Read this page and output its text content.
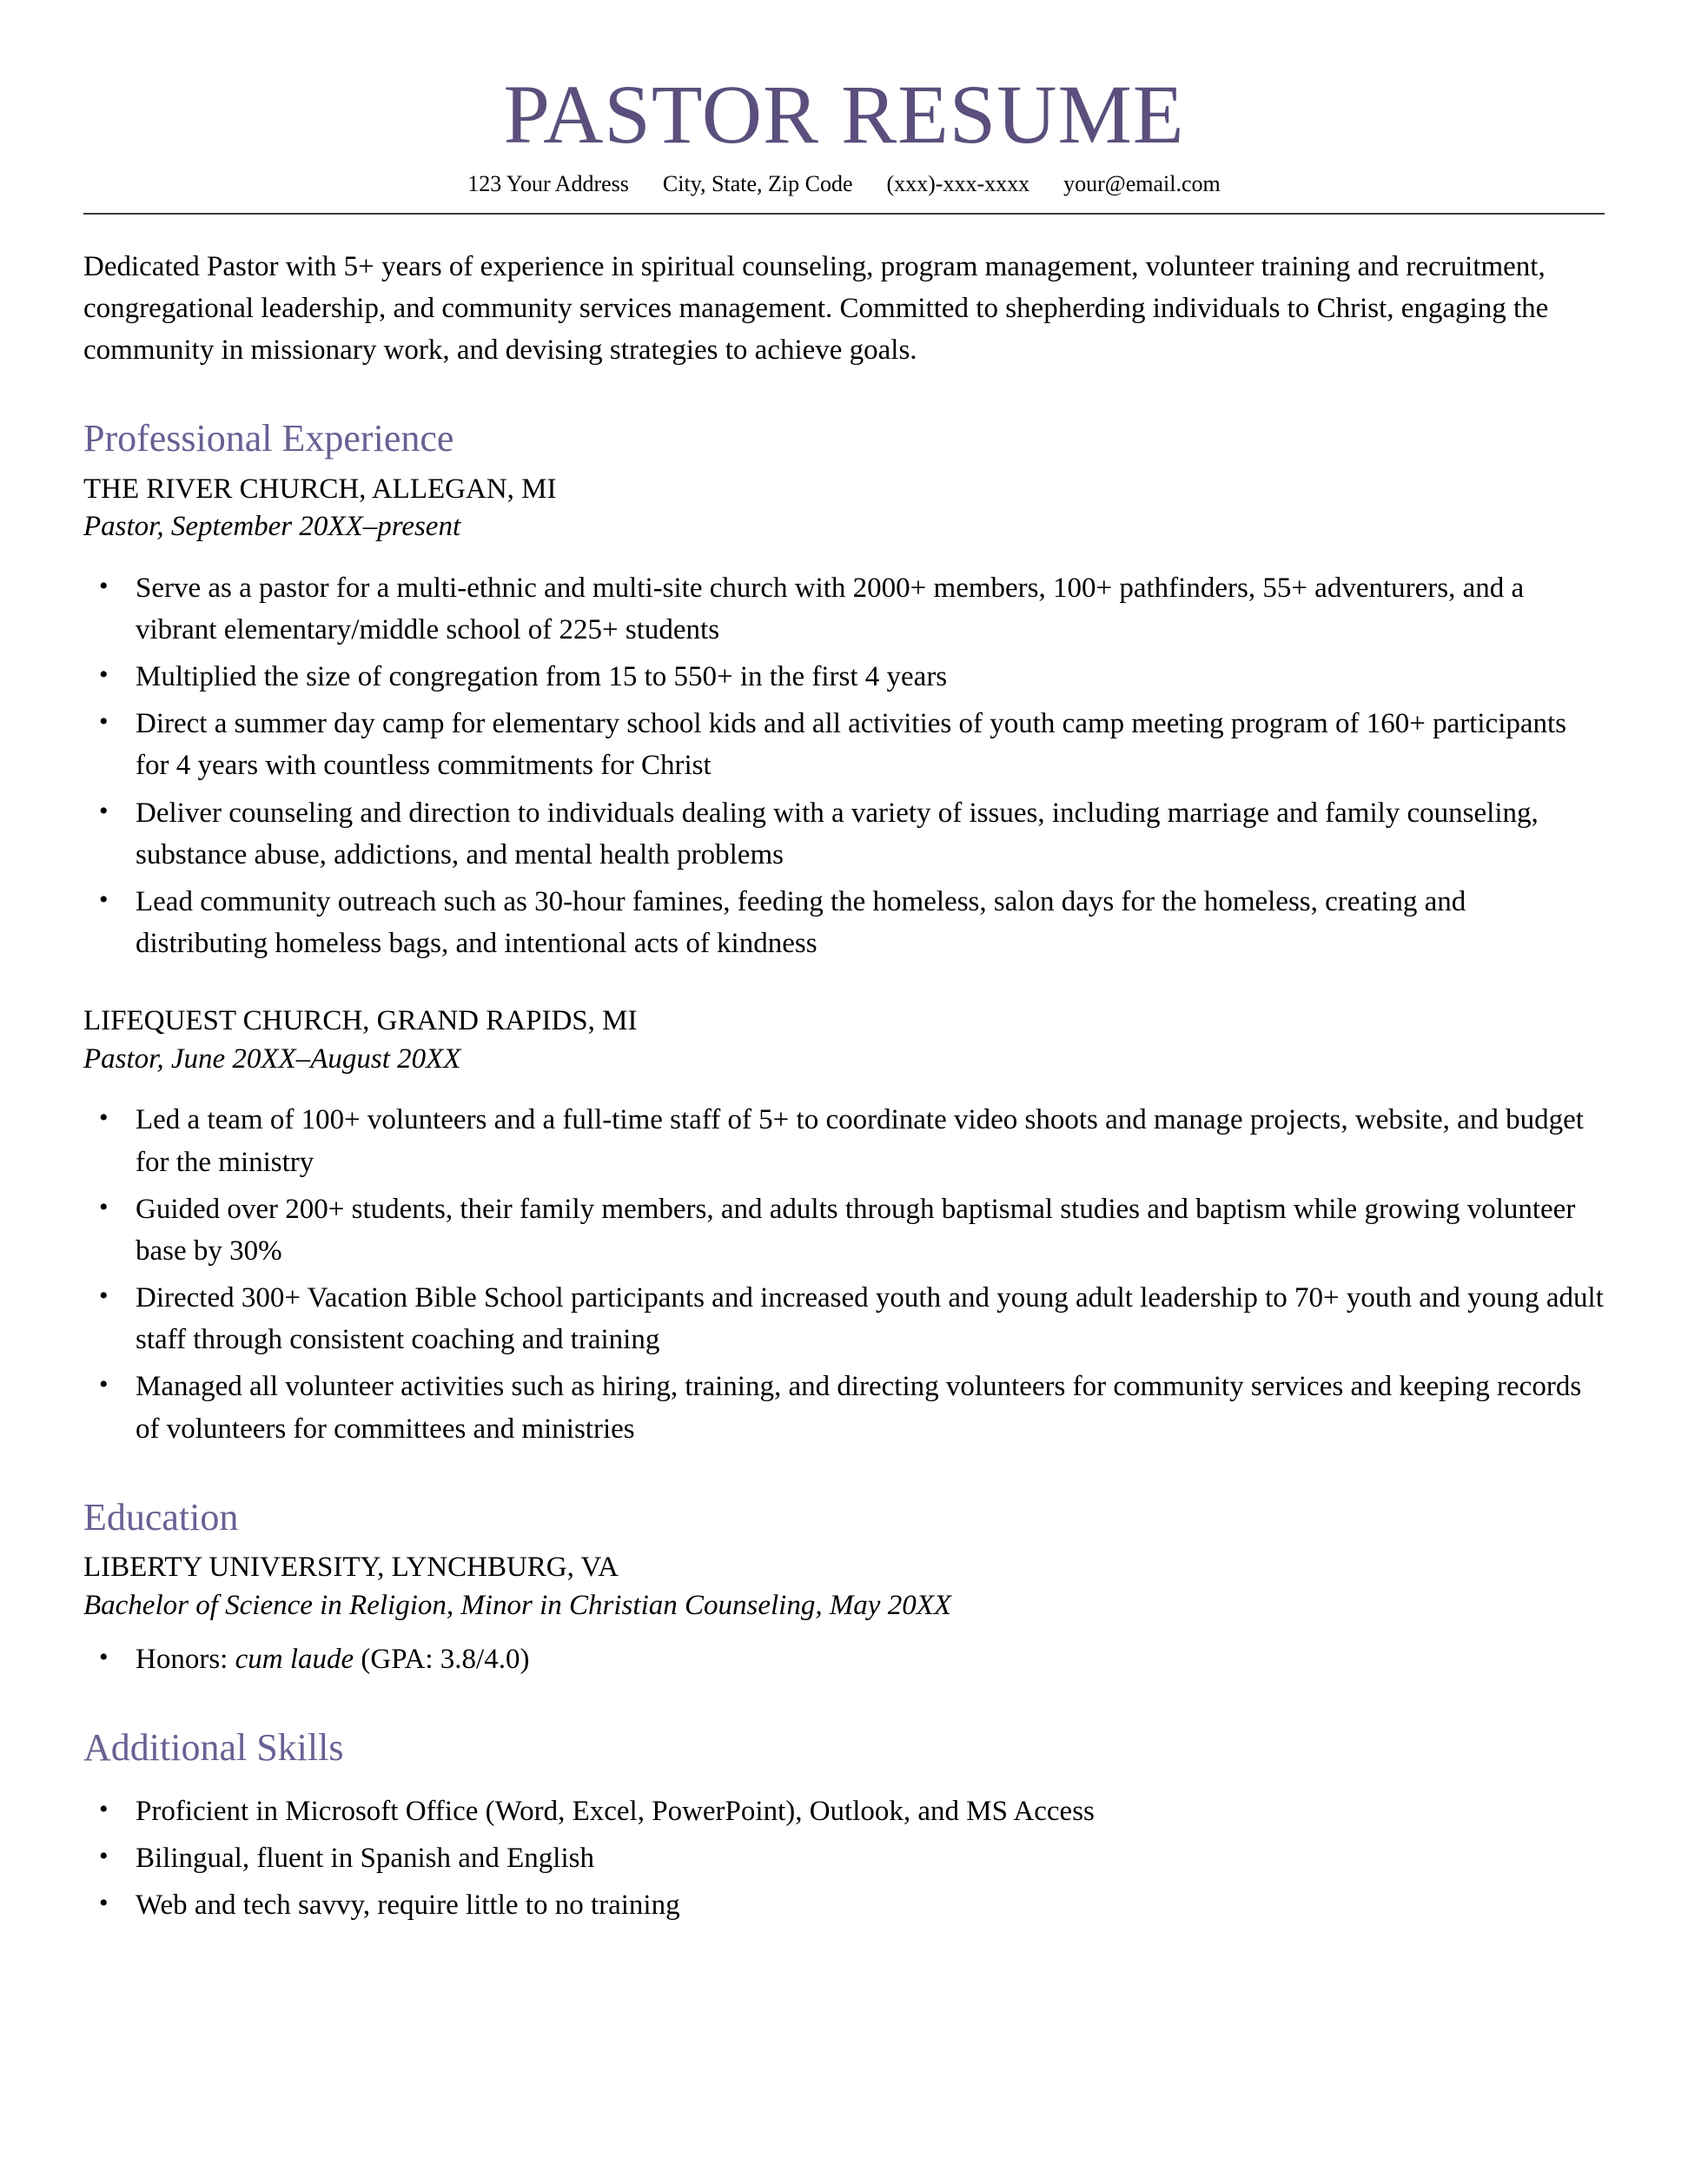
PASTOR RESUME
123 Your Address City, State, Zip Code (xxx)-xxx-xxxx your@email.com

Dedicated Pastor with 5+ years of experience in spiritual counseling, program management, volunteer training and recruitment, congregational leadership, and community services management. Committed to shepherding individuals to Christ, engaging the community in missionary work, and devising strategies to achieve goals.

Professional Experience
THE RIVER CHURCH, ALLEGAN, MI
Pastor, September 20XX–present
• Serve as a pastor for a multi-ethnic and multi-site church with 2000+ members, 100+ pathfinders, 55+ adventurers, and a vibrant elementary/middle school of 225+ students
• Multiplied the size of congregation from 15 to 550+ in the first 4 years
• Direct a summer day camp for elementary school kids and all activities of youth camp meeting program of 160+ participants for 4 years with countless commitments for Christ
• Deliver counseling and direction to individuals dealing with a variety of issues, including marriage and family counseling, substance abuse, addictions, and mental health problems
• Lead community outreach such as 30-hour famines, feeding the homeless, salon days for the homeless, creating and distributing homeless bags, and intentional acts of kindness
LIFEQUEST CHURCH, GRAND RAPIDS, MI
Pastor, June 20XX–August 20XX
• Led a team of 100+ volunteers and a full-time staff of 5+ to coordinate video shoots and manage projects, website, and budget for the ministry
• Guided over 200+ students, their family members, and adults through baptismal studies and baptism while growing volunteer base by 30%
• Directed 300+ Vacation Bible School participants and increased youth and young adult leadership to 70+ youth and young adult staff through consistent coaching and training
• Managed all volunteer activities such as hiring, training, and directing volunteers for community services and keeping records of volunteers for committees and ministries
Education
LIBERTY UNIVERSITY, LYNCHBURG, VA
Bachelor of Science in Religion, Minor in Christian Counseling, May 20XX
• Honors: cum laude (GPA: 3.8/4.0)
Additional Skills
• Proficient in Microsoft Office (Word, Excel, PowerPoint), Outlook, and MS Access
• Bilingual, fluent in Spanish and English
• Web and tech savvy, require little to no training
